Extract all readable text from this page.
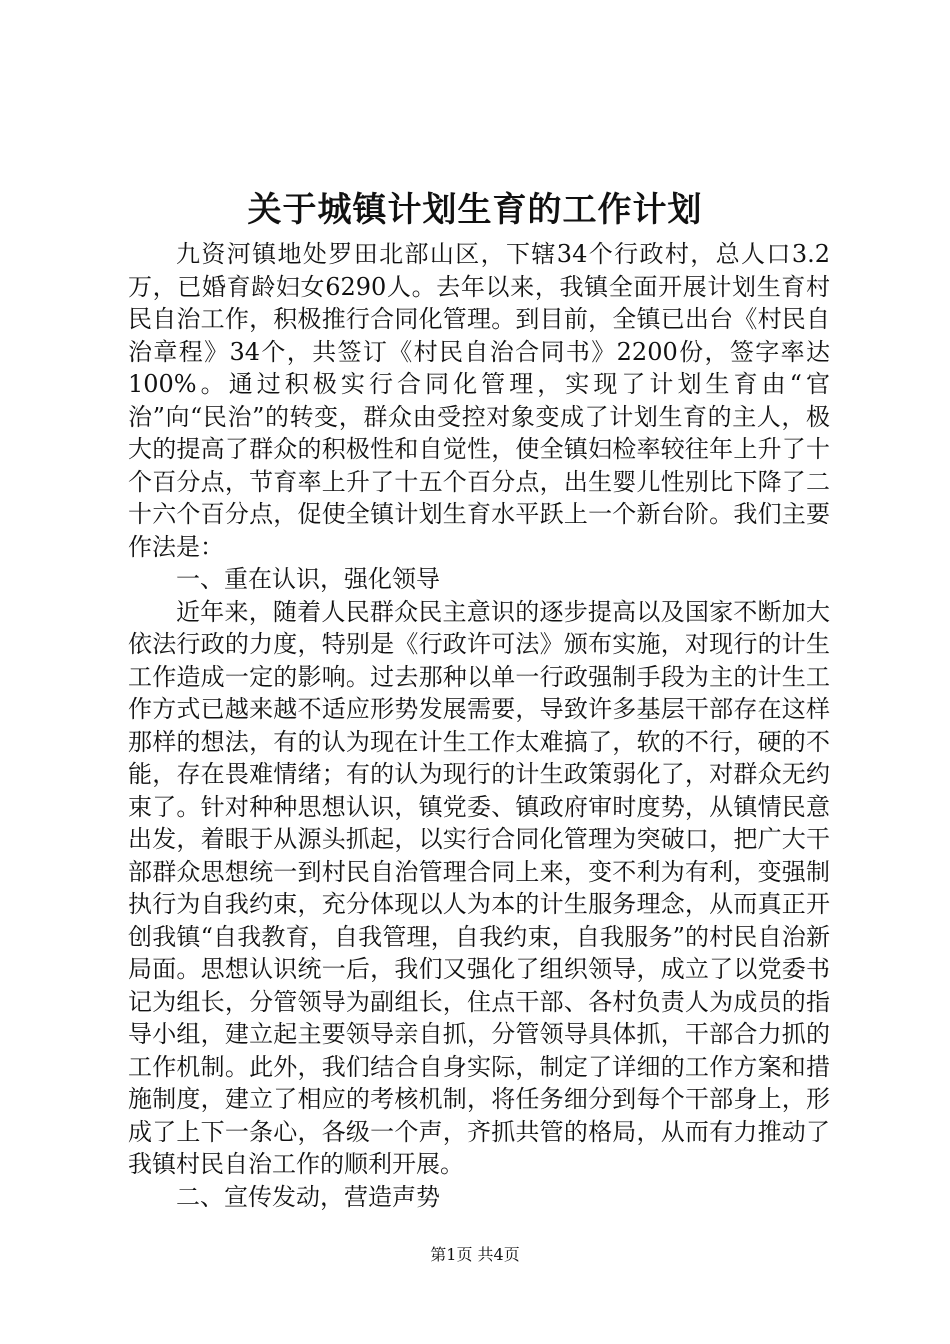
关于城镇计划生育的工作计划

九资河镇地处罗田北部山区，下辖34个行政村，总人口3.2万，已婚育龄妇女6290人。去年以来，我镇全面开展计划生育村民自治工作，积极推行合同化管理。到目前，全镇已出台《村民自治章程》34个，共签订《村民自治合同书》2200份，签字率达100%。通过积极实行合同化管理，实现了计划生育由“官治”向“民治”的转变，群众由受控对象变成了计划生育的主人，极大的提高了群众的积极性和自觉性，使全镇妇检率较往年上升了十个百分点，节育率上升了十五个百分点，出生婴儿性别比下降了二十六个百分点，促使全镇计划生育水平跃上一个新台阶。我们主要作法是：

一、重在认识，强化领导

近年来，随着人民群众民主意识的逐步提高以及国家不断加大依法行政的力度，特别是《行政许可法》颁布实施，对现行的计生工作造成一定的影响。过去那种以单一行政强制手段为主的计生工作方式已越来越不适应形势发展需要，导致许多基层干部存在这样那样的想法，有的认为现在计生工作太难搞了，软的不行，硬的不能，存在畏难情绪；有的认为现行的计生政策弱化了，对群众无约束了。针对种种思想认识，镇党委、镇政府审时度势，从镇情民意出发，着眼于从源头抓起，以实行合同化管理为突破口，把广大干部群众思想统一到村民自治管理合同上来，变不利为有利，变强制执行为自我约束，充分体现以人为本的计生服务理念，从而真正开创我镇“自我教育，自我管理，自我约束，自我服务”的村民自治新局面。思想认识统一后，我们又强化了组织领导，成立了以党委书记为组长，分管领导为副组长，住点干部、各村负责人为成员的指导小组，建立起主要领导亲自抓，分管领导具体抓，干部合力抓的工作机制。此外，我们结合自身实际，制定了详细的工作方案和措施制度，建立了相应的考核机制，将任务细分到每个干部身上，形成了上下一条心，各级一个声，齐抓共管的格局，从而有力推动了我镇村民自治工作的顺利开展。

二、宣传发动，营造声势

第1页 共4页
